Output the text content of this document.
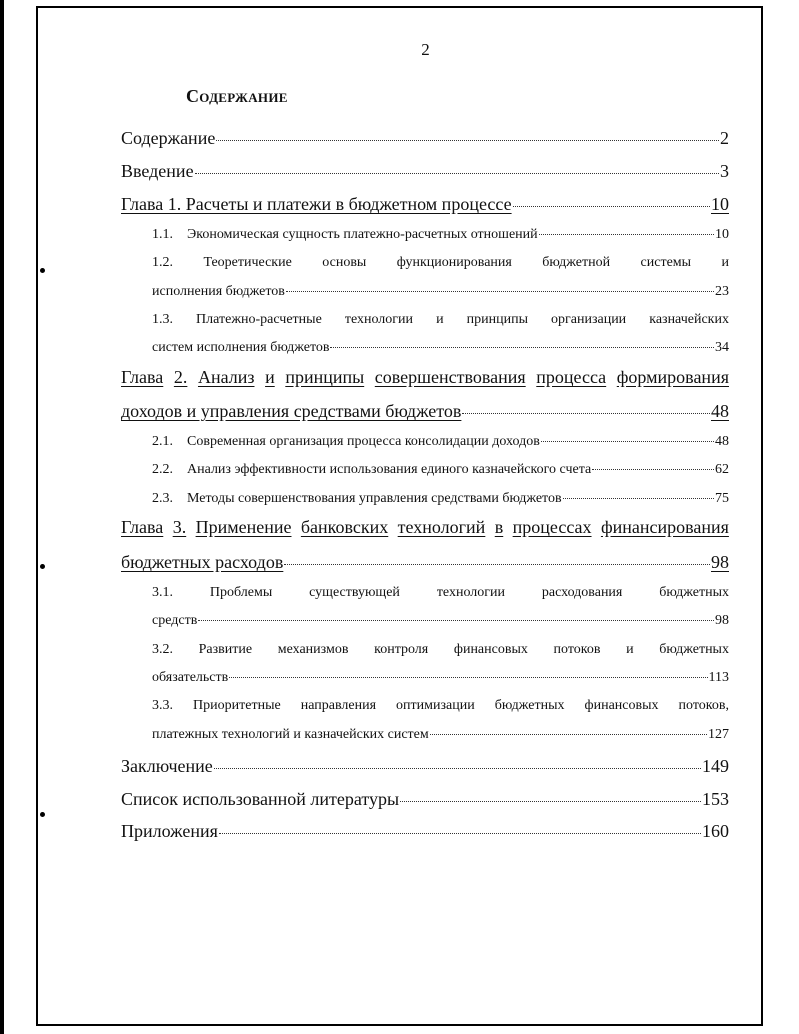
2
Содержание
Содержание	2
Введение	3
Глава 1. Расчеты и платежи в бюджетном процессе	10
1.1. Экономическая сущность платежно-расчетных отношений	10
1.2. Теоретические основы функционирования бюджетной системы и
исполнения бюджетов	23
1.3. Платежно-расчетные технологии и принципы организации казначейских
систем исполнения бюджетов	34
Глава 2. Анализ и принципы совершенствования процесса формирования
доходов и управления средствами бюджетов	48
2.1. Современная организация процесса консолидации доходов	48
2.2. Анализ эффективности использования единого казначейского счета	62
2.3. Методы совершенствования управления средствами бюджетов	75
Глава 3. Применение банковских технологий в процессах финансирования
бюджетных расходов	98
3.1.	Проблемы	существующей	технологии	расходования	бюджетных
средств	98
3.2. Развитие механизмов контроля финансовых потоков и бюджетных
обязательств	113
3.3. Приоритетные направления оптимизации бюджетных финансовых потоков,
платежных технологий и казначейских систем	127
Заключение	149
Список использованной литературы	153
Приложения	160
